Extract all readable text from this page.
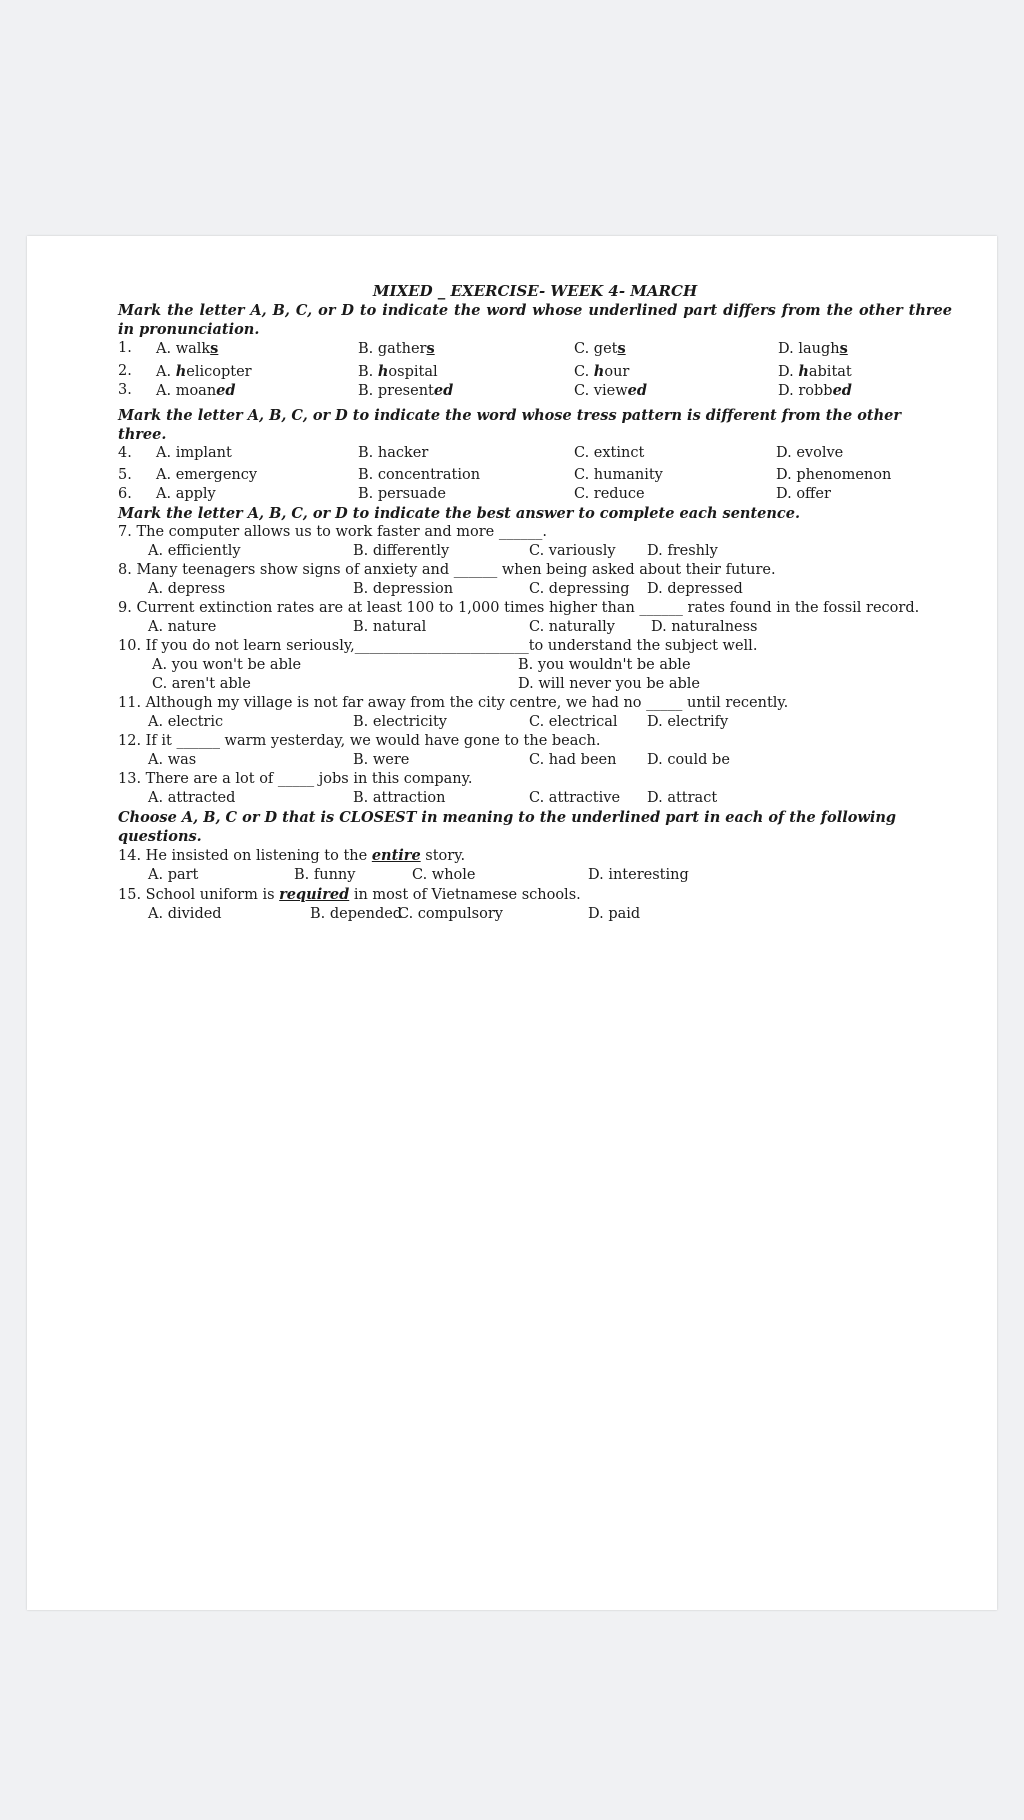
MIXED _ EXERCISE- WEEK 4- MARCH
Mark the letter A, B, C, or D to indicate the word whose underlined part differs from the other three in pronunciation.
1. A. walks	B. gathers	C. gets	D. laughs
2. A. helicopter	B. hospital	C. hour	D. habitat
3. A. moaned	B. presented	C. viewed	D. robbed
Mark the letter A, B, C, or D to indicate the word whose tress pattern is different from the other three.
4. A. implant	B. hacker	C. extinct	D. evolve
5. A. emergency	B. concentration	C. humanity	D. phenomenon
6. A. apply	B. persuade	C. reduce	D. offer
Mark the letter A, B, C, or D to indicate the best answer to complete each sentence.
7. The computer allows us to work faster and more ______.
A. efficiently	B. differently	C. variously D. freshly
8. Many teenagers show signs of anxiety and ______ when being asked about their future.
A. depress	B. depression	C. depressing D. depressed
9. Current extinction rates are at least 100 to 1,000 times higher than ______ rates found in the fossil record.
A. nature	B. natural	C. naturally D. naturalness
10. If you do not learn seriously,________________________to understand the subject well.
A. you won't be able	B. you wouldn't be able
C. aren't able	D. will never you be able
11. Although my village is not far away from the city centre, we had no _____ until recently.
A. electric	B. electricity	C. electrical D. electrify
12. If it ______ warm yesterday, we would have gone to the beach.
A. was	B. were	C. had been D. could be
13. There are a lot of _____ jobs in this company.
A. attracted	B. attraction	C. attractive D. attract
Choose A, B, C or D that is CLOSEST in meaning to the underlined part in each of the following questions.
14. He insisted on listening to the entire story.
A. part	B. funny	C. whole	D. interesting
15. School uniform is required in most of Vietnamese schools.
A. divided	B. depended
C. compulsory	D. paid
